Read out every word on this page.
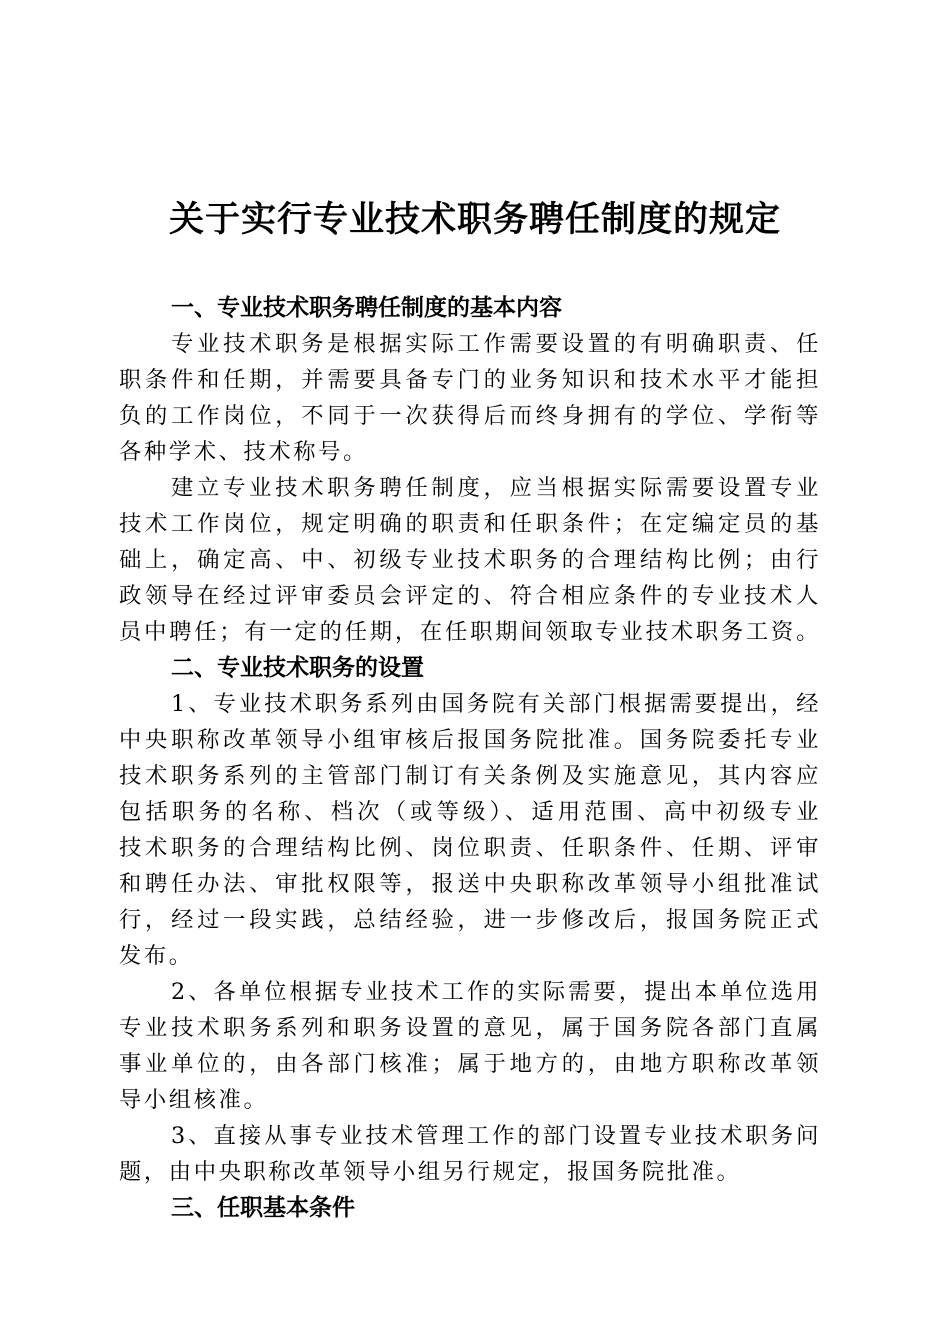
关于实行专业技术职务聘任制度的规定
一、专业技术职务聘任制度的基本内容
专业技术职务是根据实际工作需要设置的有明确职责、任
职条件和任期，并需要具备专门的业务知识和技术水平才能担
负的工作岗位，不同于一次获得后而终身拥有的学位、学衔等
各种学术、技术称号。
建立专业技术职务聘任制度，应当根据实际需要设置专业
技术工作岗位，规定明确的职责和任职条件；在定编定员的基
础上，确定高、中、初级专业技术职务的合理结构比例；由行
政领导在经过评审委员会评定的、符合相应条件的专业技术人
员中聘任；有一定的任期，在任职期间领取专业技术职务工资。
二、专业技术职务的设置
1、专业技术职务系列由国务院有关部门根据需要提出，经
中央职称改革领导小组审核后报国务院批准。国务院委托专业
技术职务系列的主管部门制订有关条例及实施意见，其内容应
包括职务的名称、档次（或等级）、适用范围、高中初级专业
技术职务的合理结构比例、岗位职责、任职条件、任期、评审
和聘任办法、审批权限等，报送中央职称改革领导小组批准试
行，经过一段实践，总结经验，进一步修改后，报国务院正式
发布。
2、各单位根据专业技术工作的实际需要，提出本单位选用
专业技术职务系列和职务设置的意见，属于国务院各部门直属
事业单位的，由各部门核准；属于地方的，由地方职称改革领
导小组核准。
3、直接从事专业技术管理工作的部门设置专业技术职务问
题，由中央职称改革领导小组另行规定，报国务院批准。
三、任职基本条件
